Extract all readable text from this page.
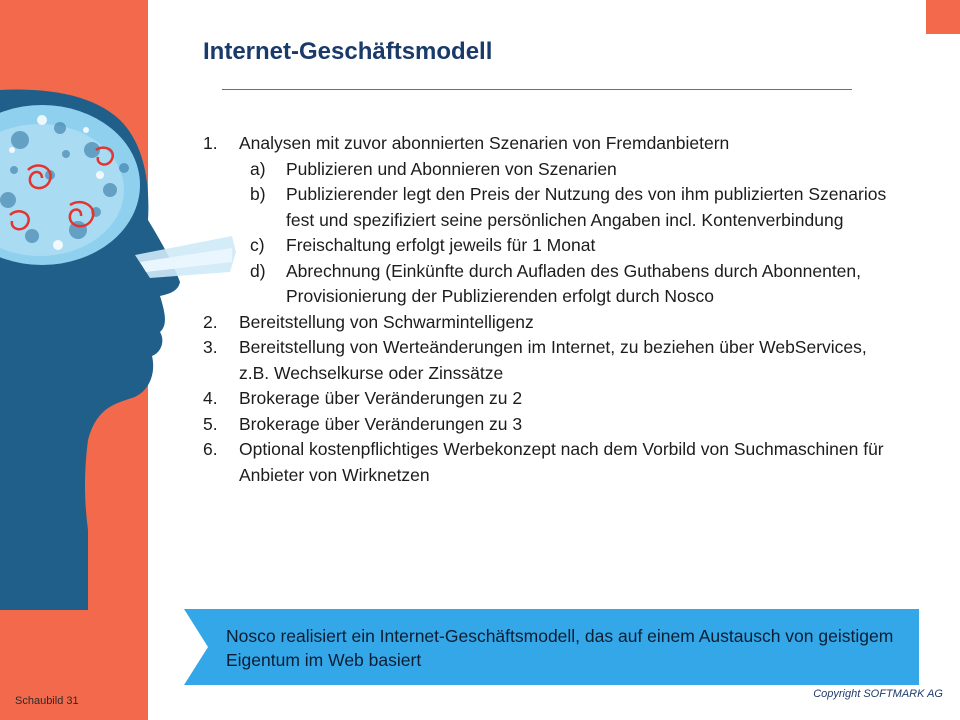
Internet-Geschäftsmodell
1. Analysen mit zuvor abonnierten Szenarien von Fremdanbietern
a) Publizieren und Abonnieren von Szenarien
b) Publizierender legt den Preis der Nutzung des von ihm publizierten Szenarios fest und spezifiziert seine persönlichen Angaben incl. Kontenverbindung
c) Freischaltung erfolgt jeweils für 1 Monat
d) Abrechnung (Einkünfte durch Aufladen des Guthabens durch Abonnenten, Provisionierung der Publizierenden erfolgt durch Nosco
2. Bereitstellung von Schwarmintelligenz
3. Bereitstellung von Werteänderungen im Internet, zu beziehen über WebServices, z.B. Wechselkurse oder Zinssätze
4. Brokerage über Veränderungen zu 2
5. Brokerage über Veränderungen zu 3
6. Optional kostenpflichtiges Werbekonzept nach dem Vorbild von Suchmaschinen für Anbieter von Wirknetzen
Nosco realisiert ein Internet-Geschäftsmodell, das auf einem Austausch von geistigem Eigentum im Web basiert
Schaubild 31
Copyright SOFTMARK AG
